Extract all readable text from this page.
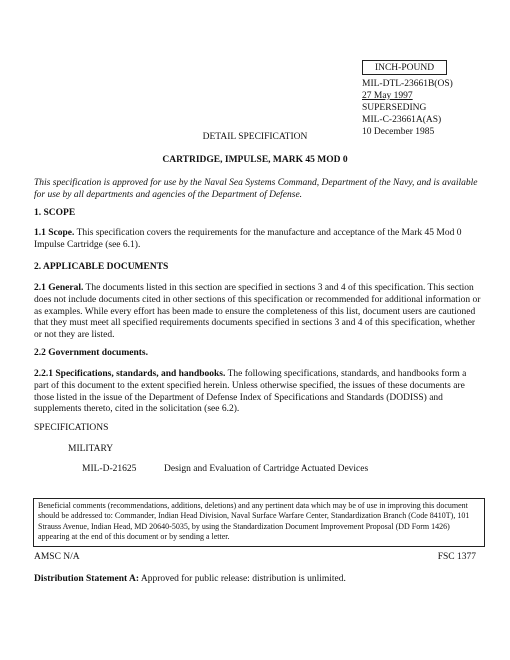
INCH-POUND
MIL-DTL-23661B(OS)
27 May 1997
SUPERSEDING
MIL-C-23661A(AS)
10 December 1985
DETAIL SPECIFICATION
CARTRIDGE, IMPULSE, MARK 45 MOD 0
This specification is approved for use by the Naval Sea Systems Command, Department of the Navy, and is available for use by all departments and agencies of the Department of Defense.
1. SCOPE
1.1 Scope. This specification covers the requirements for the manufacture and acceptance of the Mark 45 Mod 0 Impulse Cartridge (see 6.1).
2. APPLICABLE DOCUMENTS
2.1 General. The documents listed in this section are specified in sections 3 and 4 of this specification. This section does not include documents cited in other sections of this specification or recommended for additional information or as examples. While every effort has been made to ensure the completeness of this list, document users are cautioned that they must meet all specified requirements documents specified in sections 3 and 4 of this specification, whether or not they are listed.
2.2 Government documents.
2.2.1 Specifications, standards, and handbooks. The following specifications, standards, and handbooks form a part of this document to the extent specified herein. Unless otherwise specified, the issues of these documents are those listed in the issue of the Department of Defense Index of Specifications and Standards (DODISS) and supplements thereto, cited in the solicitation (see 6.2).
SPECIFICATIONS
MILITARY
MIL-D-21625	Design and Evaluation of Cartridge Actuated Devices
Beneficial comments (recommendations, additions, deletions) and any pertinent data which may be of use in improving this document should be addressed to: Commander, Indian Head Division, Naval Surface Warfare Center, Standardization Branch (Code 8410T), 101 Strauss Avenue, Indian Head, MD 20640-5035, by using the Standardization Document Improvement Proposal (DD Form 1426) appearing at the end of this document or by sending a letter.
AMSC N/A	FSC 1377
Distribution Statement A: Approved for public release: distribution is unlimited.
